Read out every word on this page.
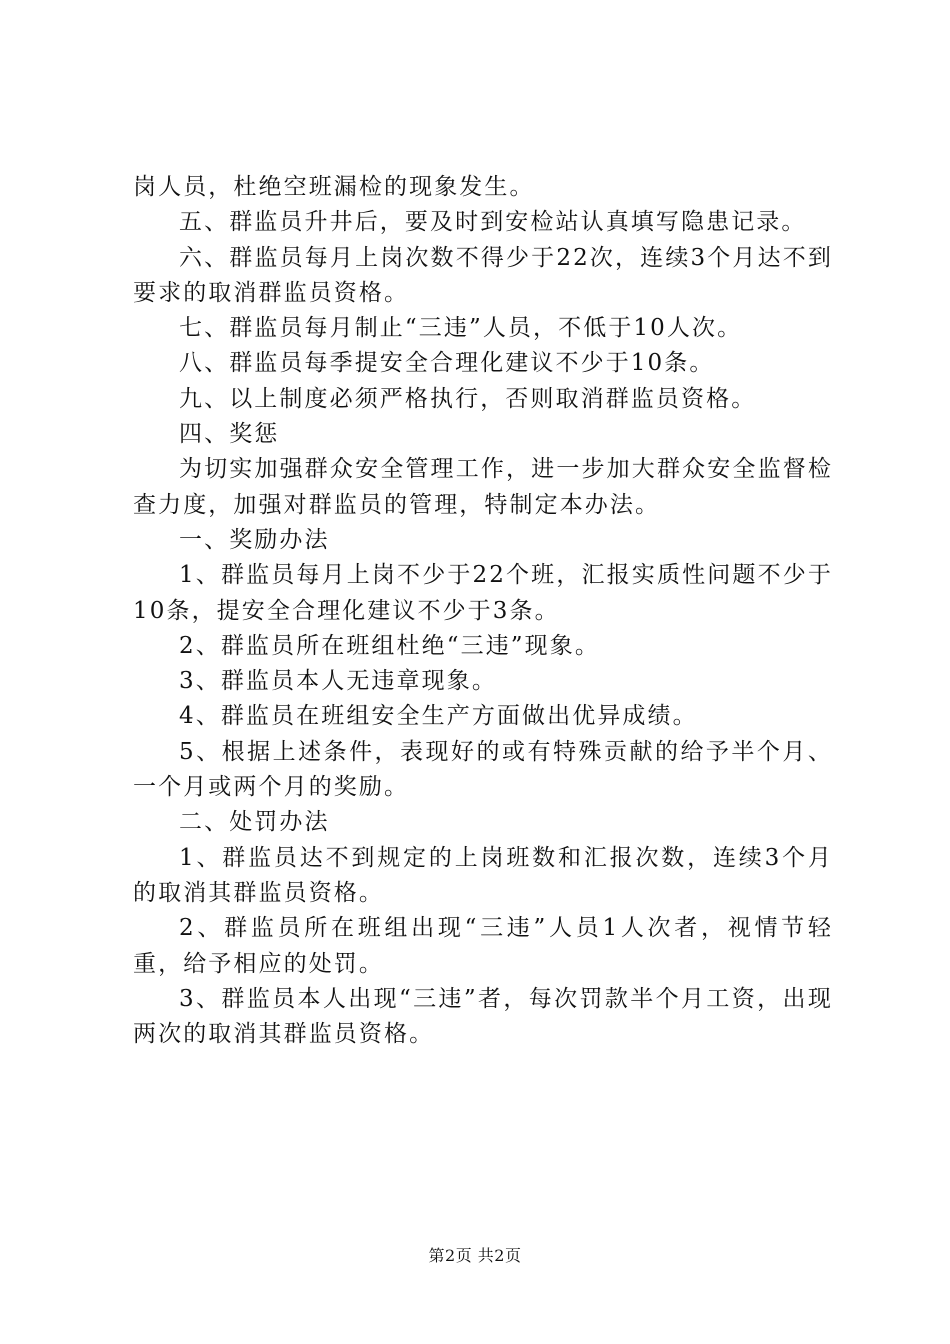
岗人员，杜绝空班漏检的现象发生。

五、群监员升井后，要及时到安检站认真填写隐患记录。

六、群监员每月上岗次数不得少于22次，连续3个月达不到要求的取消群监员资格。

七、群监员每月制止“三违”人员，不低于10人次。

八、群监员每季提安全合理化建议不少于10条。

九、以上制度必须严格执行，否则取消群监员资格。

四、奖惩

为切实加强群众安全管理工作，进一步加大群众安全监督检查力度，加强对群监员的管理，特制定本办法。

一、奖励办法

1、群监员每月上岗不少于22个班，汇报实质性问题不少于10条，提安全合理化建议不少于3条。

2、群监员所在班组杜绝“三违”现象。

3、群监员本人无违章现象。

4、群监员在班组安全生产方面做出优异成绩。

5、根据上述条件，表现好的或有特殊贡献的给予半个月、一个月或两个月的奖励。

二、处罚办法

1、群监员达不到规定的上岗班数和汇报次数，连续3个月的取消其群监员资格。

2、群监员所在班组出现“三违”人员1人次者，视情节轻重，给予相应的处罚。

3、群监员本人出现“三违”者，每次罚款半个月工资，出现两次的取消其群监员资格。

第2页 共2页
